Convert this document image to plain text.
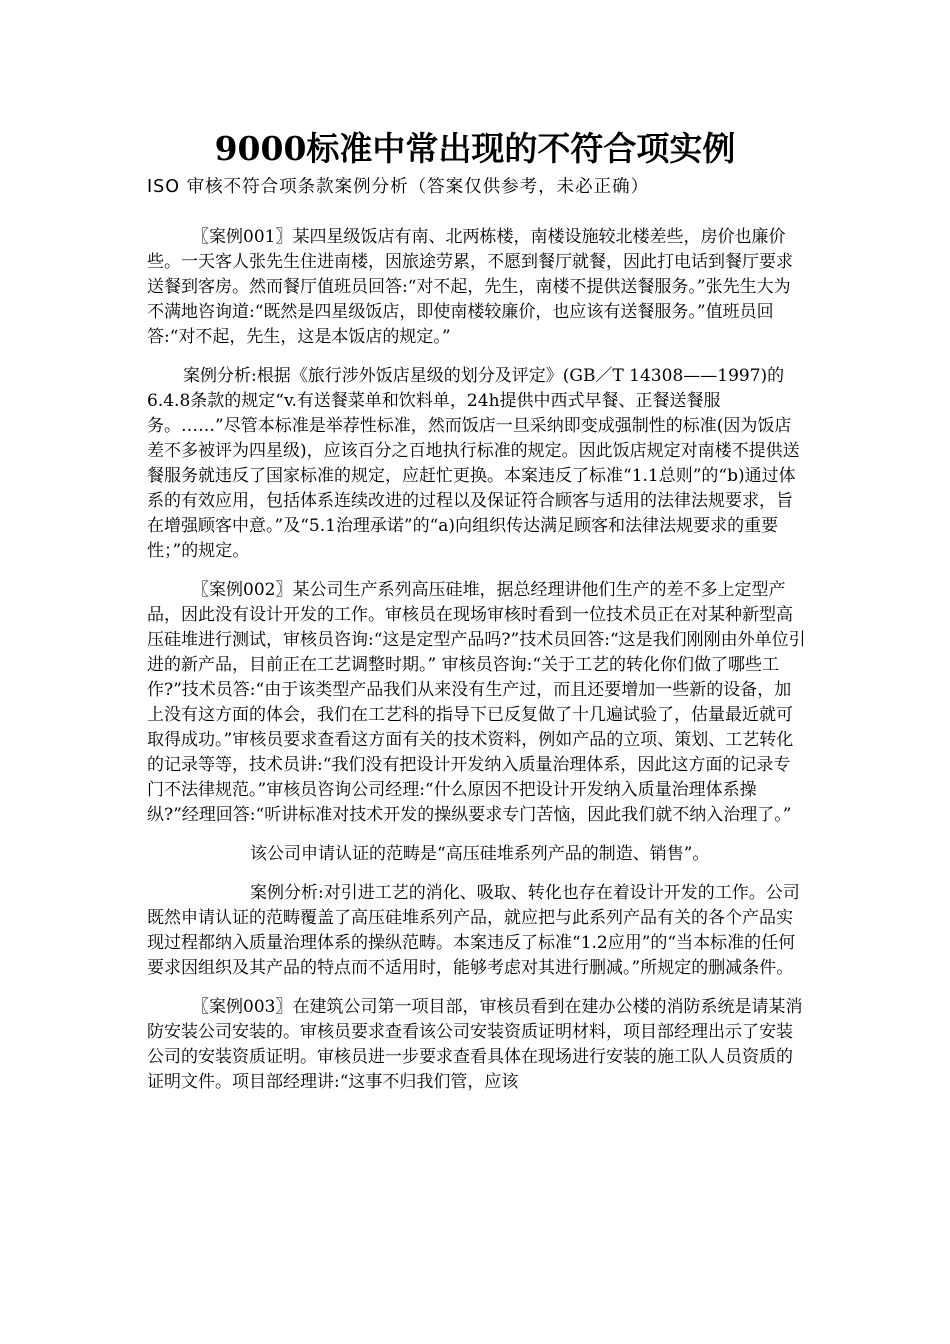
9000标准中常出现的不符合项实例
ISO 审核不符合项条款案例分析（答案仅供参考，未必正确）

〖案例001〗某四星级饭店有南、北两栋楼，南楼设施较北楼差些，房价也廉价些。一天客人张先生住进南楼，因旅途劳累，不愿到餐厅就餐，因此打电话到餐厅要求送餐到客房。然而餐厅值班员回答:“对不起，先生，南楼不提供送餐服务。”张先生大为不满地咨询道:“既然是四星级饭店，即使南楼较廉价，也应该有送餐服务。”值班员回答:“对不起，先生，这是本饭店的规定。”

案例分析:根据《旅行涉外饭店星级的划分及评定》(GB／T 14308——1997)的6.4.8条款的规定“v.有送餐菜单和饮料单，24h提供中西式早餐、正餐送餐服务。……”尽管本标准是举荐性标准，然而饭店一旦采纳即变成强制性的标准(因为饭店差不多被评为四星级)，应该百分之百地执行标准的规定。因此饭店规定对南楼不提供送餐服务就违反了国家标准的规定，应赶忙更换。本案违反了标准“1.1总则”的“b)通过体系的有效应用，包括体系连续改进的过程以及保证符合顾客与适用的法律法规要求，旨在增强顾客中意。”及“5.1治理承诺”的“a)向组织传达满足顾客和法律法规要求的重要性；”的规定。

〖案例002〗某公司生产系列高压硅堆，据总经理讲他们生产的差不多上定型产品，因此没有设计开发的工作。审核员在现场审核时看到一位技术员正在对某种新型高压硅堆进行测试，审核员咨询:“这是定型产品吗?”技术员回答:“这是我们刚刚由外单位引进的新产品，目前正在工艺调整时期。” 审核员咨询:“关于工艺的转化你们做了哪些工作?”技术员答:“由于该类型产品我们从来没有生产过，而且还要增加一些新的设备，加上没有这方面的体会，我们在工艺科的指导下已反复做了十几遍试验了，估量最近就可取得成功。”审核员要求查看这方面有关的技术资料，例如产品的立项、策划、工艺转化的记录等等，技术员讲:“我们没有把设计开发纳入质量治理体系，因此这方面的记录专门不法律规范。”审核员咨询公司经理:“什么原因不把设计开发纳入质量治理体系操纵?”经理回答:“听讲标准对技术开发的操纵要求专门苦恼，因此我们就不纳入治理了。”

该公司申请认证的范畴是“高压硅堆系列产品的制造、销售”。

案例分析:对引进工艺的消化、吸取、转化也存在着设计开发的工作。公司既然申请认证的范畴覆盖了高压硅堆系列产品，就应把与此系列产品有关的各个产品实现过程都纳入质量治理体系的操纵范畴。本案违反了标准“1.2应用”的“当本标准的任何要求因组织及其产品的特点而不适用时，能够考虑对其进行删减。”所规定的删减条件。

〖案例003〗在建筑公司第一项目部，审核员看到在建办公楼的消防系统是请某消防安装公司安装的。审核员要求查看该公司安装资质证明材料，项目部经理出示了安装公司的安装资质证明。审核员进一步要求查看具体在现场进行安装的施工队人员资质的证明文件。项目部经理讲:“这事不归我们管，应该
